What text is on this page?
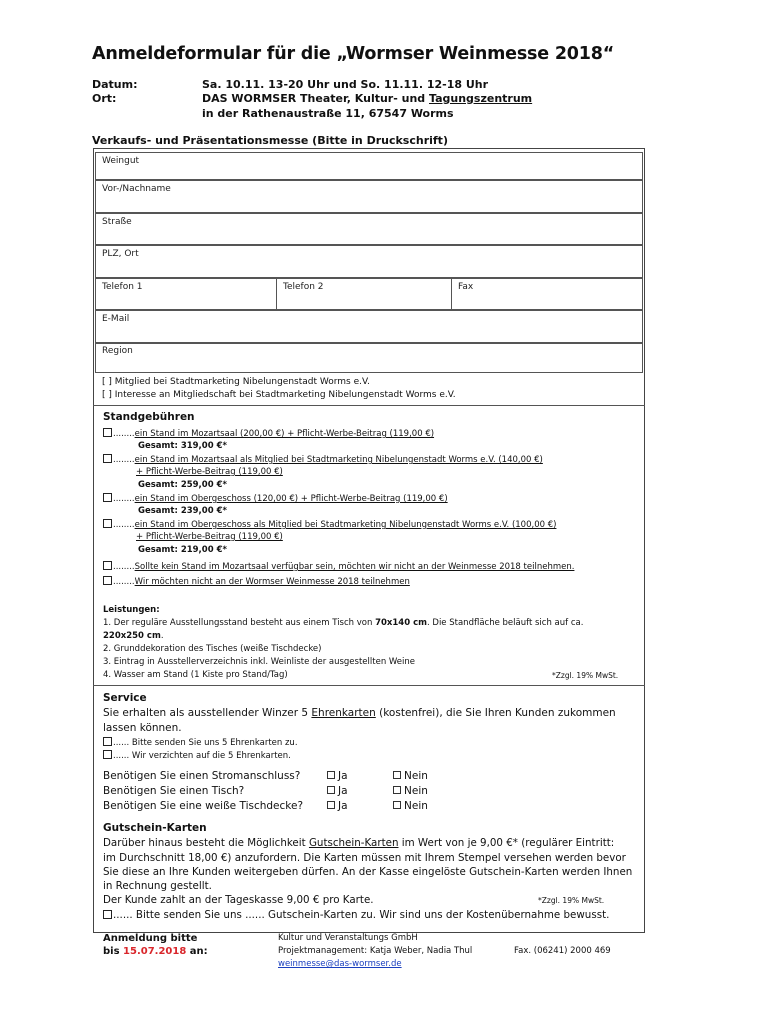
Anmeldeformular für die „Wormser Weinmesse 2018“
Datum:	Sa. 10.11. 13-20 Uhr und So. 11.11. 12-18 Uhr
Ort:	DAS WORMSER Theater, Kultur- und Tagungszentrum
in der Rathenaustraße 11, 67547 Worms
Verkaufs- und Präsentationsmesse (Bitte in Druckschrift)
Weingut
Vor-/Nachname
Straße
PLZ, Ort
Telefon 1	Telefon 2	Fax
E-Mail
Region
[ ] Mitglied bei Stadtmarketing Nibelungenstadt Worms e.V.
[ ] Interesse an Mitgliedschaft bei Stadtmarketing Nibelungenstadt Worms e.V.
Standgebühren
........ein Stand im Mozartsaal (200,00 €) + Pflicht-Werbe-Beitrag (119,00 €)
Gesamt: 319,00 €*
........ein Stand im Mozartsaal als Mitglied bei Stadtmarketing Nibelungenstadt Worms e.V. (140,00 €)
+ Pflicht-Werbe-Beitrag (119,00 €)
Gesamt: 259,00 €*
........ein Stand im Obergeschoss (120,00 €) + Pflicht-Werbe-Beitrag (119,00 €)
Gesamt: 239,00 €*
........ein Stand im Obergeschoss als Mitglied bei Stadtmarketing Nibelungenstadt Worms e.V. (100,00 €)
+ Pflicht-Werbe-Beitrag (119,00 €)
Gesamt: 219,00 €*
........Sollte kein Stand im Mozartsaal verfügbar sein, möchten wir nicht an der Weinmesse 2018 teilnehmen.
........Wir möchten nicht an der Wormser Weinmesse 2018 teilnehmen
Leistungen:
1. Der reguläre Ausstellungsstand besteht aus einem Tisch von 70x140 cm. Die Standfläche beläuft sich auf ca.
220x250 cm.
2. Grunddekoration des Tisches (weiße Tischdecke)
3. Eintrag in Ausstellerverzeichnis inkl. Weinliste der ausgestellten Weine
4. Wasser am Stand (1 Kiste pro Stand/Tag)	*Zzgl. 19% MwSt.
Service
Sie erhalten als ausstellender Winzer 5 Ehrenkarten (kostenfrei), die Sie Ihren Kunden zukommen
lassen können.
...... Bitte senden Sie uns 5 Ehrenkarten zu.
...... Wir verzichten auf die 5 Ehrenkarten.
Benötigen Sie einen Stromanschluss?	Ja	Nein
Benötigen Sie einen Tisch?	Ja	Nein
Benötigen Sie eine weiße Tischdecke?	Ja	Nein
Gutschein-Karten
Darüber hinaus besteht die Möglichkeit Gutschein-Karten im Wert von je 9,00 €* (regulärer Eintritt:
im Durchschnitt 18,00 €) anzufordern. Die Karten müssen mit Ihrem Stempel versehen werden bevor
Sie diese an Ihre Kunden weitergeben dürfen. An der Kasse eingelöste Gutschein-Karten werden Ihnen
in Rechnung gestellt.
Der Kunde zahlt an der Tageskasse 9,00 € pro Karte.	*Zzgl. 19% MwSt.
...... Bitte senden Sie uns ...... Gutschein-Karten zu. Wir sind uns der Kostenübernahme bewusst.
Anmeldung bitte
bis 15.07.2018 an:
Kultur und Veranstaltungs GmbH
Projektmanagement: Katja Weber, Nadia Thul
weinmesse@das-wormser.de
Fax. (06241) 2000 469
